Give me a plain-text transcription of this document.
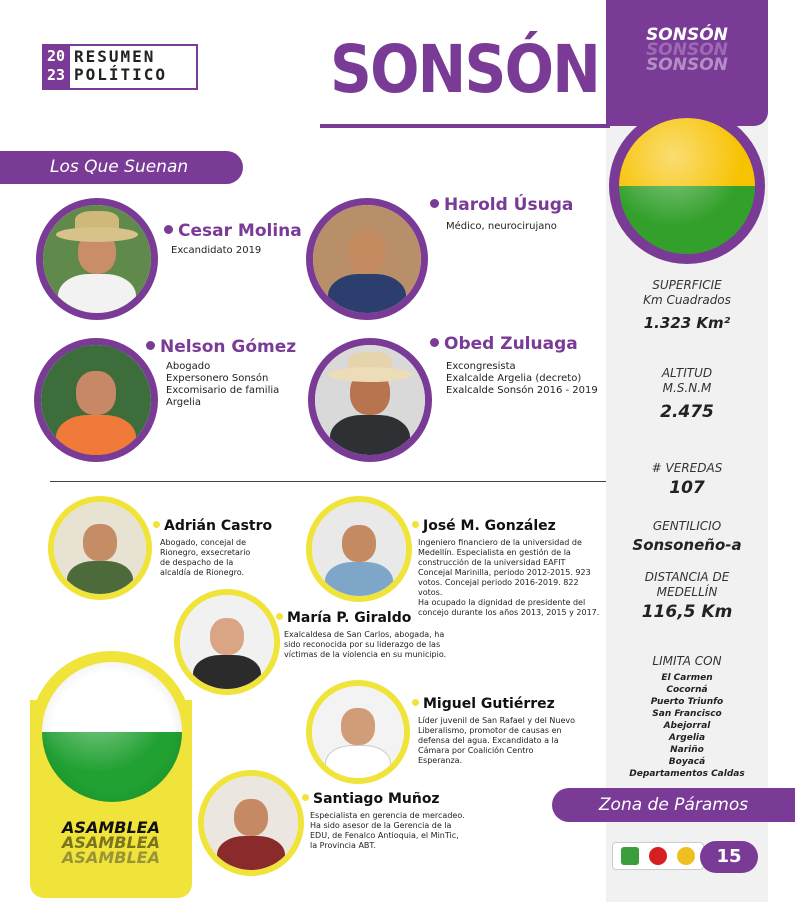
SONSÓN
SONSON
SONSON
20
23
RESUMEN
POLÍTICO	SONSÓN
SUPERFICIE
Km Cuadrados
1.323 Km²
ALTITUD
M.S.N.M
2.475
# VEREDAS
107
GENTILICIO
Sonsoneño-a
DISTANCIA DE
MEDELLÍN
116,5 Km
LIMITA CON
El Carmen
Cocorná
Puerto Triunfo
San Francisco
Abejorral
Argelia
Nariño
Boyacá
Departamentos Caldas
Zona de Páramos
15
Los Que Suenan
Cesar Molina
Excandidato 2019
Harold Úsuga
Médico, neurocirujano
Nelson Gómez
Abogado
Expersonero Sonsón
Excomisario de familia
Argelia
Obed Zuluaga
Excongresista
Exalcalde Argelia (decreto)
Exalcalde Sonsón 2016 - 2019
ASAMBLEA
ASAMBLEA
ASAMBLEA
Adrián Castro
Abogado, concejal de
Rionegro, exsecretario
de despacho de la
alcaldía de Rionegro.
José M. González
Ingeniero financiero de la universidad de
Medellín. Especialista en gestión de la
construcción de la universidad EAFIT
Concejal Marinilla, periodo 2012-2015. 923
votos. Concejal periodo 2016-2019. 822
votos.
Ha ocupado la dignidad de presidente del
concejo durante los años 2013, 2015 y 2017.
María P. Giraldo
Exalcaldesa de San Carlos, abogada, ha
sido reconocida por su liderazgo de las
víctimas de la violencia en su municipio.
Miguel Gutiérrez
Líder juvenil de San Rafael y del Nuevo
Liberalismo, promotor de causas en
defensa del agua. Excandidato a la
Cámara por Coalición Centro
Esperanza.
Santiago Muñoz
Especialista en gerencia de mercadeo.
Ha sido asesor de la Gerencia de la
EDU, de Fenalco Antioquia, el MinTic,
la Provincia ABT.
